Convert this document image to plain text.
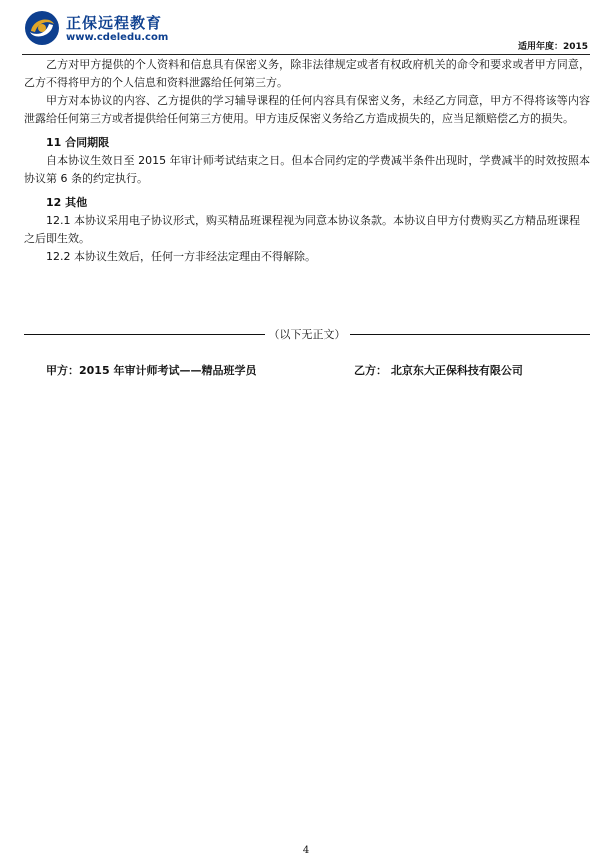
正保远程教育
www.cdeledu.com
适用年度：2015

乙方对甲方提供的个人资料和信息具有保密义务，除非法律规定或者有权政府机关的命令和要求或者甲方同意，乙方不得将甲方的个人信息和资料泄露给任何第三方。

甲方对本协议的内容、乙方提供的学习辅导课程的任何内容具有保密义务，未经乙方同意，甲方不得将该等内容泄露给任何第三方或者提供给任何第三方使用。甲方违反保密义务给乙方造成损失的，应当足额赔偿乙方的损失。

11 合同期限

自本协议生效日至 2015 年审计师考试结束之日。但本合同约定的学费减半条件出现时，学费减半的时效按照本协议第 6 条的约定执行。

12 其他

12.1 本协议采用电子协议形式，购买精品班课程视为同意本协议条款。本协议自甲方付费购买乙方精品班课程之后即生效。

12.2 本协议生效后，任何一方非经法定理由不得解除。

（以下无正文）
甲方：2015 年审计师考试——精品班学员	乙方： 北京东大正保科技有限公司
4
